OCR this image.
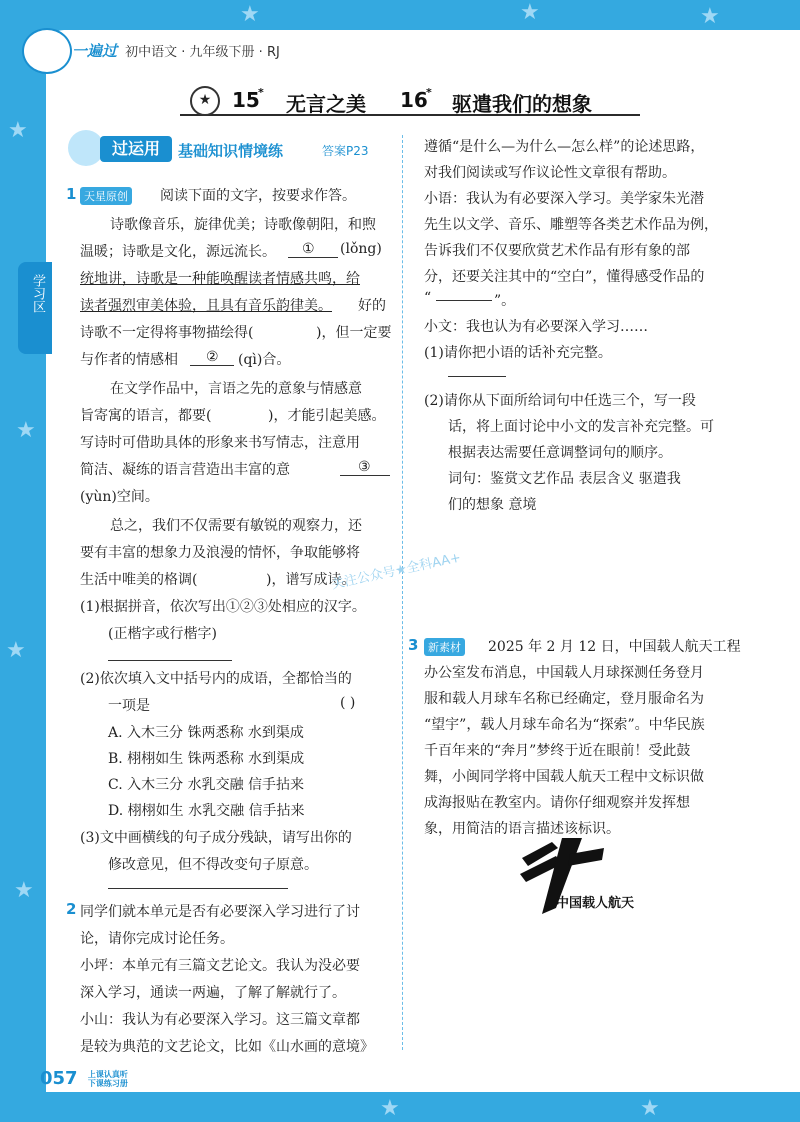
★
★
★
★
★	★	★
★	★
一遍过 初中语文 · 九年级下册 · RJ
★	15
* 无言之美 16
* 驱遣我们的想象
学习区
过运用	基础知识情境练	答案P23
1 天星原创 阅读下面的文字，按要求作答。
诗歌像音乐，旋律优美；诗歌像朝阳，和煦
温暖；诗歌是文化，源远流长。 ① (lǒng)
统地讲，诗歌是一种能唤醒读者情感共鸣，给
读者强烈审美体验，且具有音乐韵律美。 好的
诗歌不一定得将事物描绘得(	)，但一定要
与作者的情感相 ② (qì)合。
在文学作品中，言语之先的意象与情感意
旨寄寓的语言，都要(	)，才能引起美感。
写诗时可借助具体的形象来书写情志，注意用
简洁、凝练的语言营造出丰富的意	③
(yùn)空间。
总之，我们不仅需要有敏锐的观察力，还
要有丰富的想象力及浪漫的情怀，争取能够将
生活中唯美的格调(	)，谱写成诗。
(1)根据拼音，依次写出①②③处相应的汉字。
(正楷字或行楷字)
(2)依次填入文中括号内的成语，全都恰当的
一项是	( )
A. 入木三分 铢两悉称 水到渠成
B. 栩栩如生 铢两悉称 水到渠成
C. 入木三分 水乳交融 信手拈来
D. 栩栩如生 水乳交融 信手拈来
(3)文中画横线的句子成分残缺，请写出你的
修改意见，但不得改变句子原意。
2 同学们就本单元是否有必要深入学习进行了讨
论，请你完成讨论任务。
小坪：本单元有三篇文艺论文。我认为没必要
深入学习，通读一两遍，了解了解就行了。
小山：我认为有必要深入学习。这三篇文章都
是较为典范的文艺论文，比如《山水画的意境》
遵循“是什么—为什么—怎么样”的论述思路，
对我们阅读或写作议论性文章很有帮助。
小语：我认为有必要深入学习。美学家朱光潜
先生以文学、音乐、雕塑等各类艺术作品为例，
告诉我们不仅要欣赏艺术作品有形有象的部
分，还要关注其中的“空白”，懂得感受作品的
“	”。
小文：我也认为有必要深入学习……
(1)请你把小语的话补充完整。
(2)请你从下面所给词句中任选三个，写一段
话，将上面讨论中小文的发言补充完整。可
根据表达需要任意调整词句的顺序。
词句：鉴赏文艺作品 表层含义 驱遣我
们的想象 意境
关注公众号★全科AA+
3 新素材 2025 年 2 月 12 日，中国载人航天工程
办公室发布消息，中国载人月球探测任务登月
服和载人月球车名称已经确定，登月服命名为
“望宇”，载人月球车命名为“探索”。中华民族
千百年来的“奔月”梦终于近在眼前！受此鼓
舞，小闽同学将中国载人航天工程中文标识做
成海报贴在教室内。请你仔细观察并发挥想
象，用简洁的语言描述该标识。
中国载人航天
057 上课认真听
下课练习册
